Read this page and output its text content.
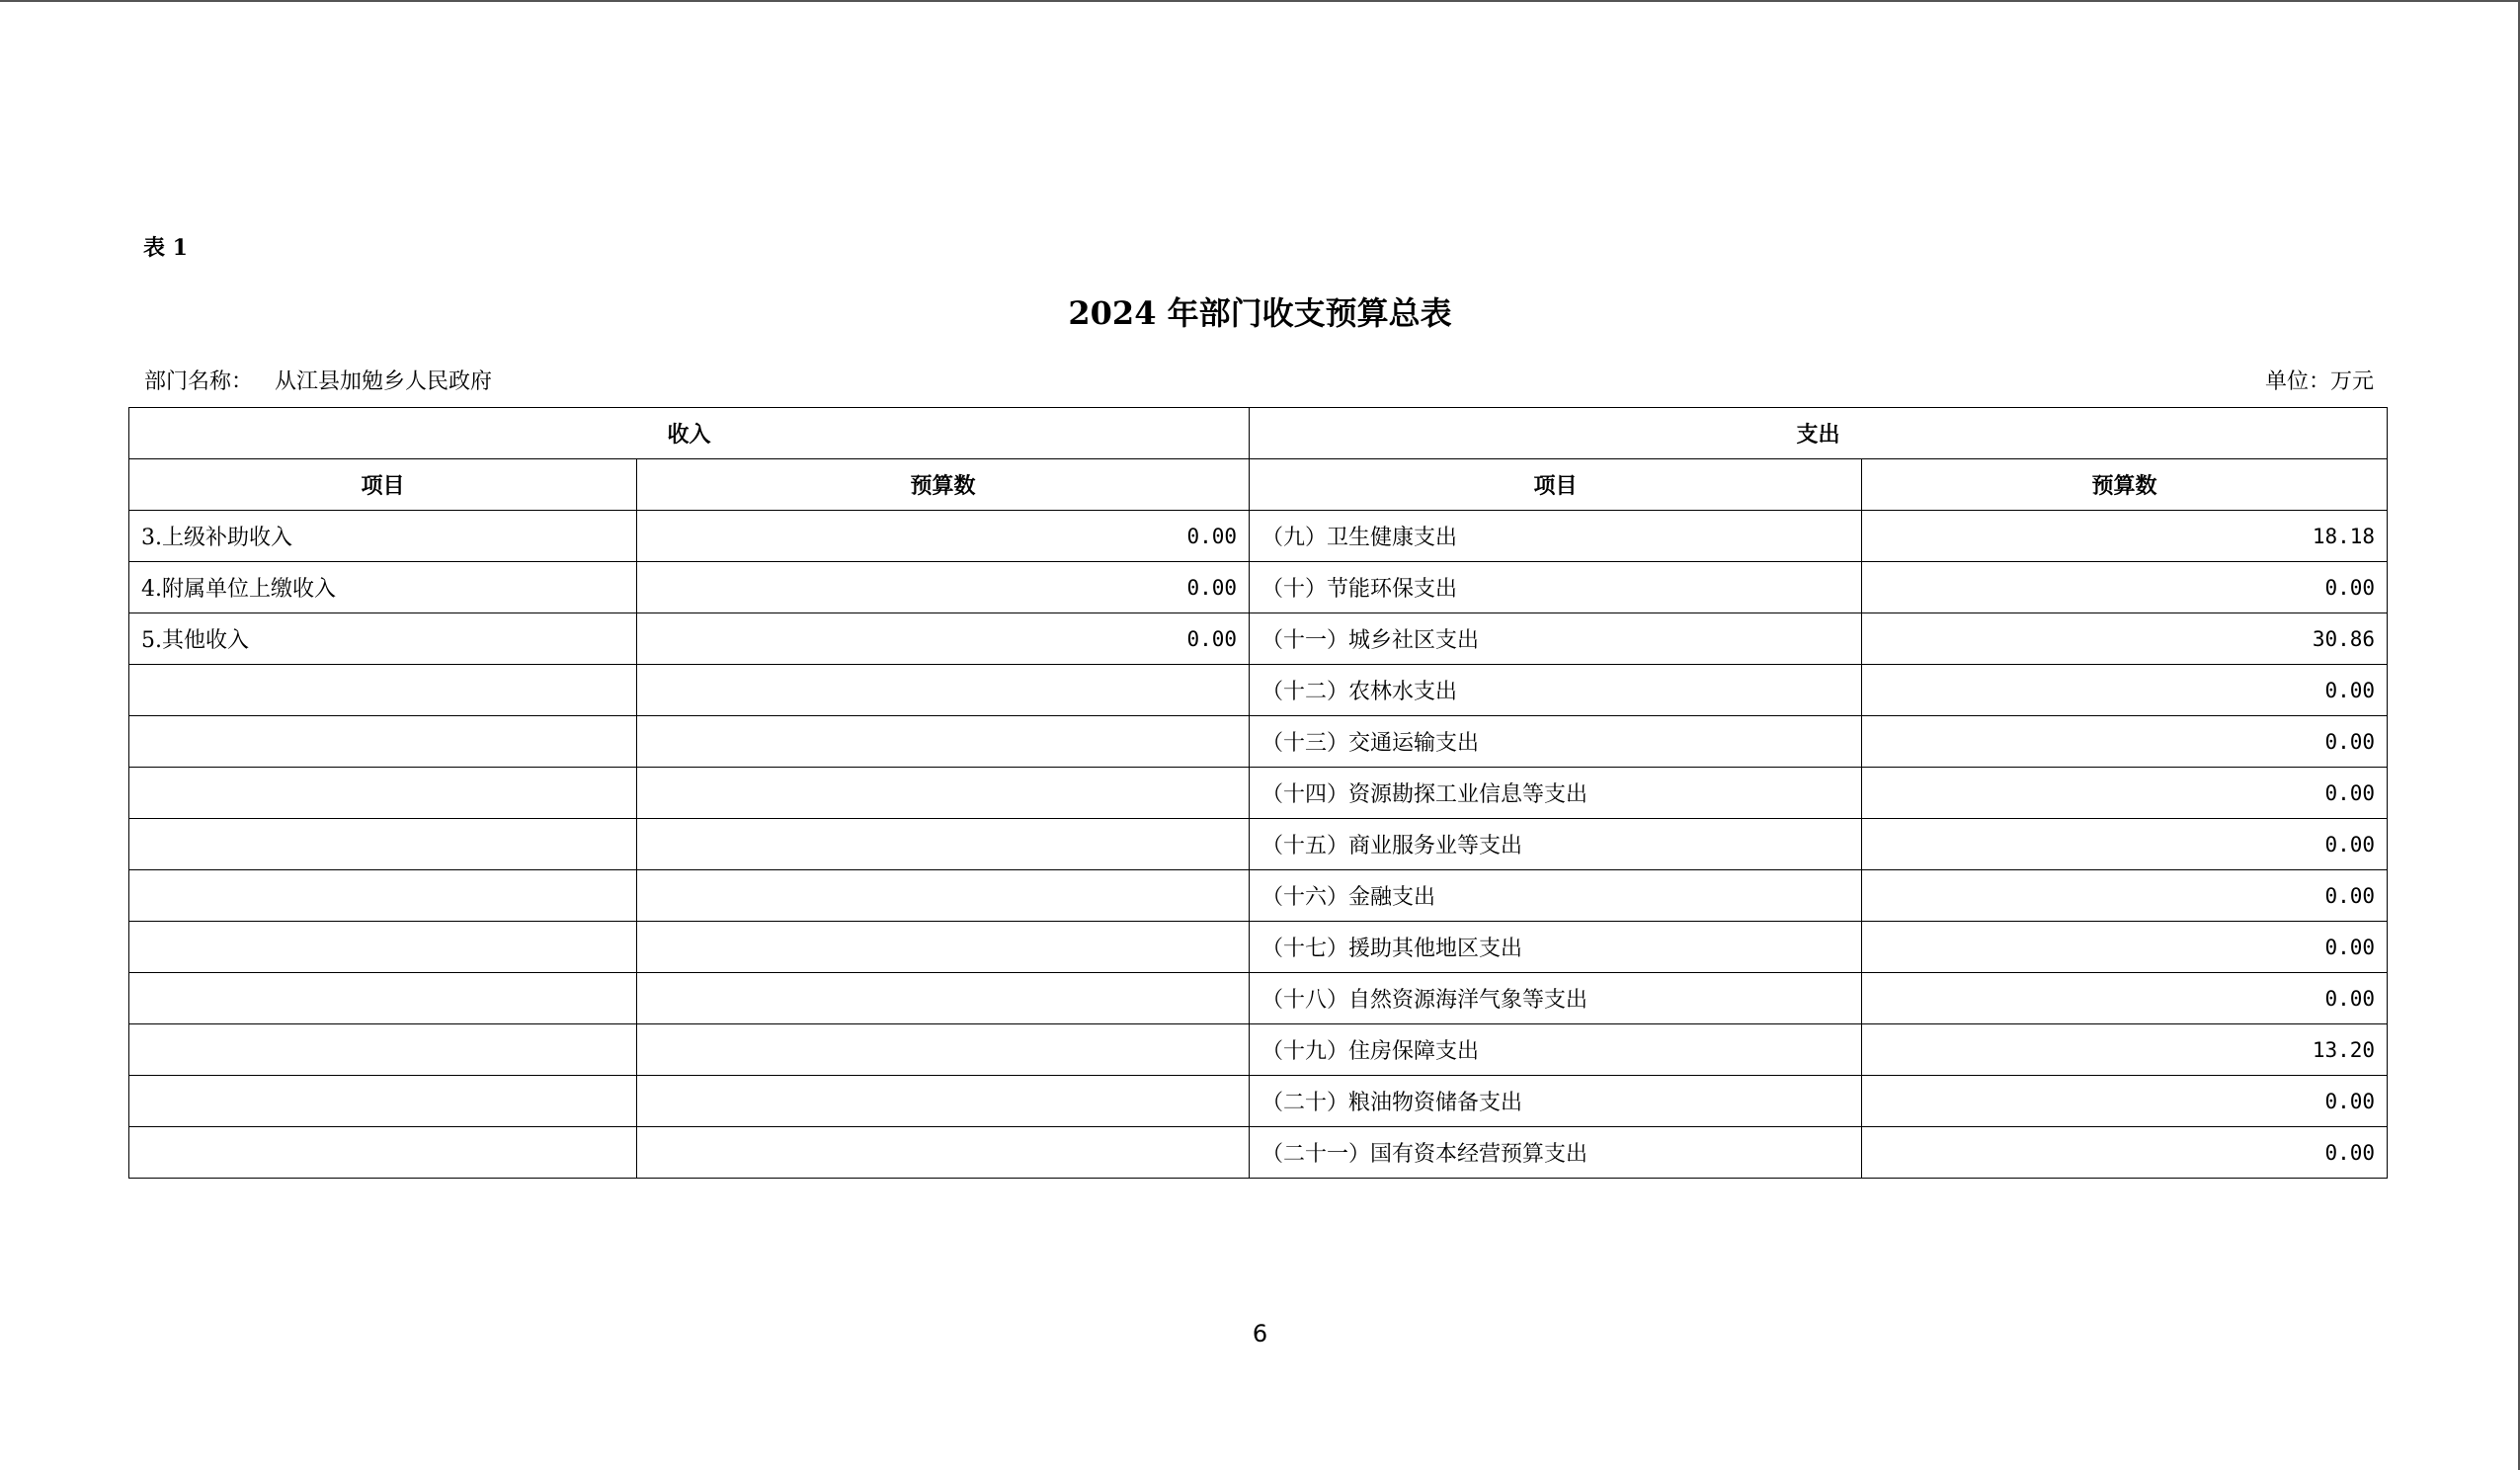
表 1
2024 年部门收支预算总表
部门名称： 从江县加勉乡人民政府	单位：万元
收入		支出	
项目	预算数	项目	预算数
3.上级补助收入	0.00	（九）卫生健康支出	18.18
4.附属单位上缴收入	0.00	（十）节能环保支出	0.00
5.其他收入	0.00	（十一）城乡社区支出	30.86
		（十二）农林水支出	0.00
		（十三）交通运输支出	0.00
		（十四）资源勘探工业信息等支出	0.00
		（十五）商业服务业等支出	0.00
		（十六）金融支出	0.00
		（十七）援助其他地区支出	0.00
		（十八）自然资源海洋气象等支出	0.00
		（十九）住房保障支出	13.20
		（二十）粮油物资储备支出	0.00
		（二十一）国有资本经营预算支出	0.00
6
